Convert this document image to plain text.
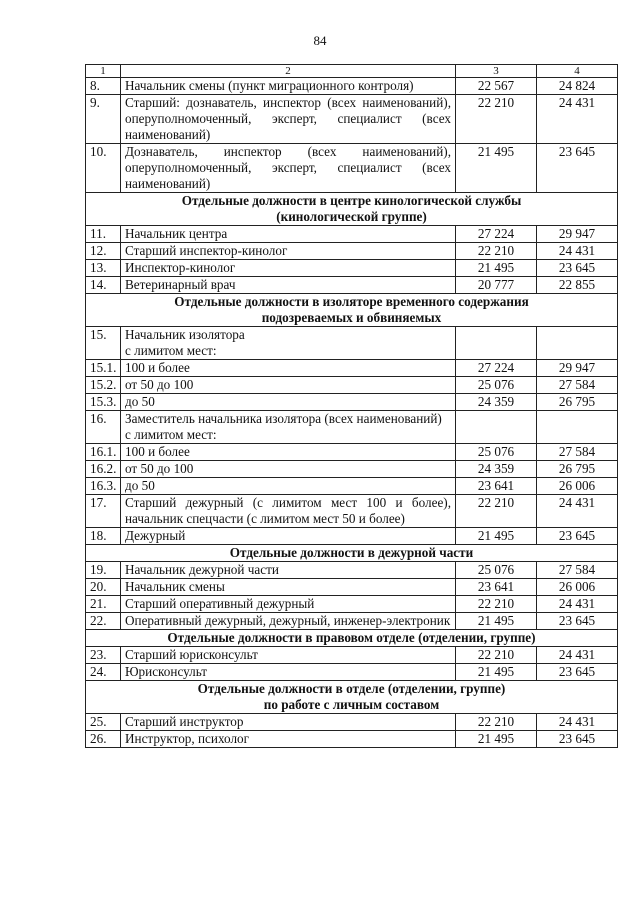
84
1	2	3	4
8.	Начальник смены (пункт миграционного контроля)	22 567	24 824
9.	Старший: дознаватель, инспектор (всех наименований), оперуполномоченный, эксперт, специалист (всех наименований)	22 210	24 431
10.	Дознаватель, инспектор (всех наименований), оперуполномоченный, эксперт, специалист (всех наименований)	21 495	23 645

Отдельные должности в центре кинологической службы
(кинологической группе)			

11.	Начальник центра	27 224	29 947
12.	Старший инспектор-кинолог	22 210	24 431
13.	Инспектор-кинолог	21 495	23 645
14.	Ветеринарный врач	20 777	22 855

Отдельные должности в изоляторе временного содержания
подозреваемых и обвиняемых			

15.	Начальник изолятора
с лимитом мест:		

15.1.	100 и более	27 224	29 947
15.2.	от 50 до 100	25 076	27 584
15.3.	до 50	24 359	26 795
16.	Заместитель начальника изолятора (всех наименований)
с лимитом мест:		

16.1.	100 и более	25 076	27 584
16.2.	от 50 до 100	24 359	26 795
16.3.	до 50	23 641	26 006
17.	Старший дежурный (с лимитом мест 100 и более), начальник спецчасти (с лимитом мест 50 и более)	22 210	24 431
18.	Дежурный	21 495	23 645

Отдельные должности в дежурной части			

19.	Начальник дежурной части	25 076	27 584
20.	Начальник смены	23 641	26 006
21.	Старший оперативный дежурный	22 210	24 431
22.	Оперативный дежурный, дежурный, инженер-электроник	21 495	23 645

Отдельные должности в правовом отделе (отделении, группе)			

23.	Старший юрисконсульт	22 210	24 431
24.	Юрисконсульт	21 495	23 645

Отдельные должности в отделе (отделении, группе)
по работе с личным составом			

25.	Старший инструктор	22 210	24 431
26.	Инструктор, психолог	21 495	23 645
